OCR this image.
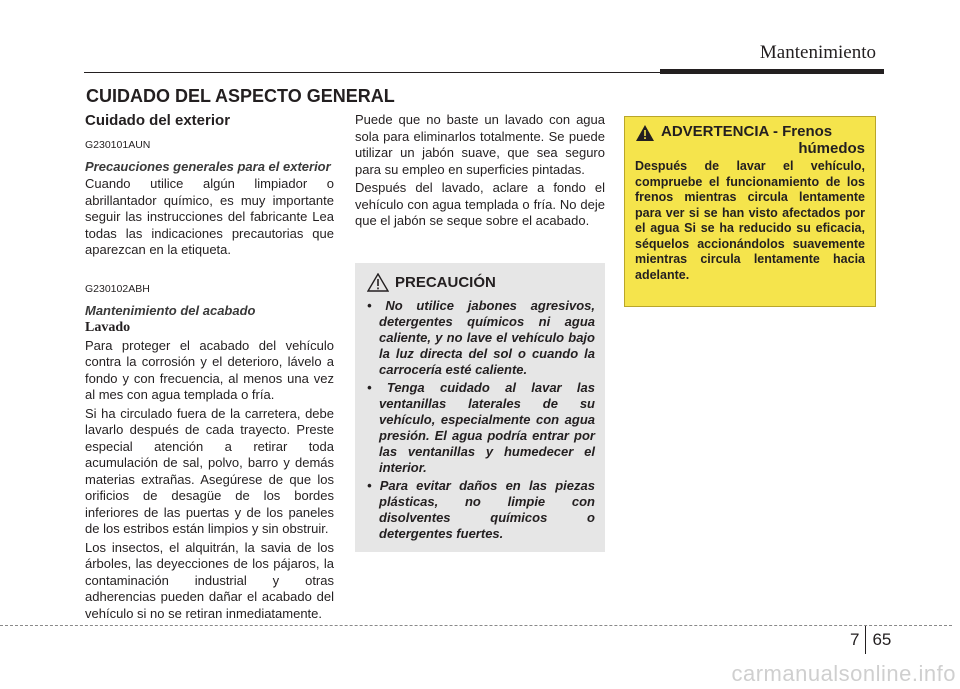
Mantenimiento
CUIDADO DEL ASPECTO GENERAL
Cuidado del exterior
G230101AUN
Precauciones generales para el exterior

Cuando utilice algún limpiador o abrillantador químico, es muy importante seguir las instrucciones del fabricante Lea todas las indicaciones precautorias que aparezcan en la etiqueta.

G230102ABH
Mantenimiento del acabado
Lavado

Para proteger el acabado del vehículo contra la corrosión y el deterioro, lávelo a fondo y con frecuencia, al menos una vez al mes con agua templada o fría.

Si ha circulado fuera de la carretera, debe lavarlo después de cada trayecto. Preste especial atención a retirar toda acumulación de sal, polvo, barro y demás materias extrañas. Asegúrese de que los orificios de desagüe de los bordes inferiores de las puertas y de los paneles de los estribos están limpios y sin obstruir.

Los insectos, el alquitrán, la savia de los árboles, las deyecciones de los pájaros, la contaminación industrial y otras adherencias pueden dañar el acabado del vehículo si no se retiran inmediatamente.

Puede que no baste un lavado con agua sola para eliminarlos totalmente. Se puede utilizar un jabón suave, que sea seguro para su empleo en superficies pintadas.

Después del lavado, aclare a fondo el vehículo con agua templada o fría. No deje que el jabón se seque sobre el acabado.

PRECAUCIÓN
• No utilice jabones agresivos, detergentes químicos ni agua caliente, y no lave el vehículo bajo la luz directa del sol o cuando la carrocería esté caliente.
• Tenga cuidado al lavar las ventanillas laterales de su vehículo, especialmente con agua presión. El agua podría entrar por las ventanillas y humedecer el interior.
• Para evitar daños en las piezas plásticas, no limpie con disolventes químicos o detergentes fuertes.
ADVERTENCIA - Frenos
húmedos
Después de lavar el vehículo, compruebe el funcionamiento de los frenos mientras circula lentamente para ver si se han visto afectados por el agua Si se ha reducido su eficacia, séquelos accionándolos suavemente mientras circula lentamente hacia adelante.
7 65
carmanualsonline.info
